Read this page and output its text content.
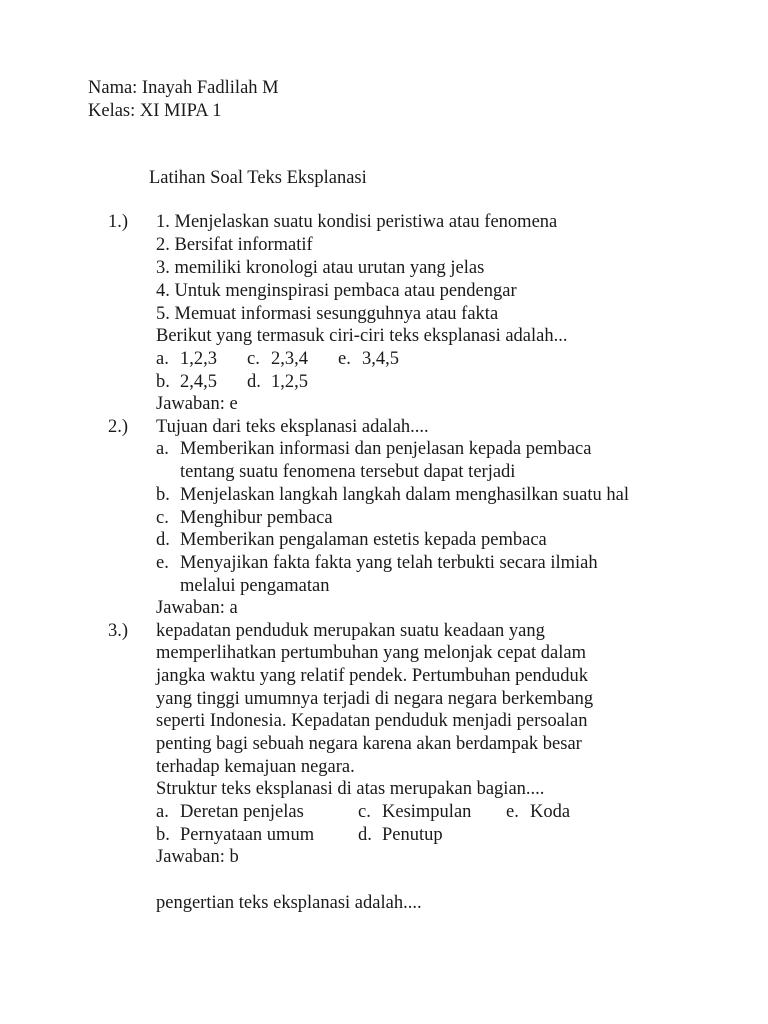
Nama: Inayah Fadlilah M
Kelas: XI MIPA 1
Latihan Soal Teks Eksplanasi
1.) 1. Menjelaskan suatu kondisi peristiwa atau fenomena
2. Bersifat informatif
3. memiliki kronologi atau urutan yang jelas
4. Untuk menginspirasi pembaca atau pendengar
5. Memuat informasi sesungguhnya atau fakta
Berikut yang termasuk ciri-ciri teks eksplanasi adalah...
a. 1,2,3 c. 2,3,4 e. 3,4,5
b. 2,4,5 d. 1,2,5
Jawaban: e
2.) Tujuan dari teks eksplanasi adalah....
a. Memberikan informasi dan penjelasan kepada pembaca
tentang suatu fenomena tersebut dapat terjadi
b. Menjelaskan langkah langkah dalam menghasilkan suatu hal
c. Menghibur pembaca
d. Memberikan pengalaman estetis kepada pembaca
e. Menyajikan fakta fakta yang telah terbukti secara ilmiah
melalui pengamatan
Jawaban: a
3.) kepadatan penduduk merupakan suatu keadaan yang
memperlihatkan pertumbuhan yang melonjak cepat dalam
jangka waktu yang relatif pendek. Pertumbuhan penduduk
yang tinggi umumnya terjadi di negara negara berkembang
seperti Indonesia. Kepadatan penduduk menjadi persoalan
penting bagi sebuah negara karena akan berdampak besar
terhadap kemajuan negara.
Struktur teks eksplanasi di atas merupakan bagian....
a. Deretan penjelas	c. Kesimpulan e. Koda
b. Pernyataan umum d. Penutup
Jawaban: b
pengertian teks eksplanasi adalah....
